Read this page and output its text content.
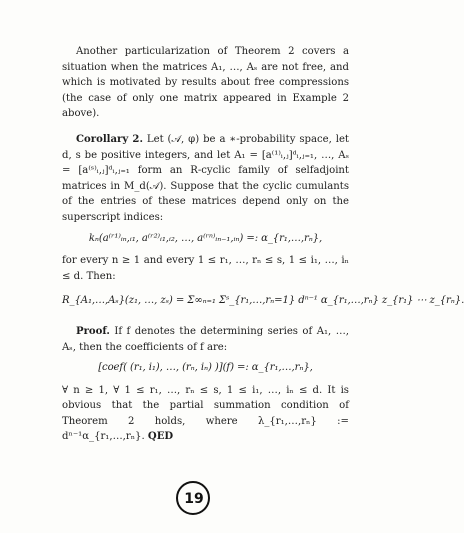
Another particularization of Theorem 2 covers a situation when the matrices A₁, …, Aₛ are not free, and which is motivated by results about free compressions (the case of only one matrix appeared in Example 2 above).

Corollary 2. Let (𝒜, φ) be a ∗-probability space, let d, s be positive integers, and let A₁ = [a⁽¹⁾ᵢ,ⱼ]ᵈᵢ,ⱼ₌₁, …, Aₛ = [a⁽ˢ⁾ᵢ,ⱼ]ᵈᵢ,ⱼ₌₁ form an R-cyclic family of selfadjoint matrices in M_d(𝒜). Suppose that the cyclic cumulants of the entries of these matrices depend only on the superscript indices:

kₙ(a⁽ʳ¹⁾ᵢₙ,ᵢ₁, a⁽ʳ²⁾ᵢ₁,ᵢ₂, …, a⁽ʳⁿ⁾ᵢₙ₋₁,ᵢₙ) =: α_{r₁,…,rₙ},

for every n ≥ 1 and every 1 ≤ r₁, …, rₙ ≤ s, 1 ≤ i₁, …, iₙ ≤ d. Then:

R_{A₁,…,Aₛ}(z₁, …, zₛ) = Σ∞ₙ₌₁ Σˢ_{r₁,…,rₙ=1} dⁿ⁻¹ α_{r₁,…,rₙ} z_{r₁} ⋯ z_{rₙ}.

Proof. If f denotes the determining series of A₁, …, Aₛ, then the coefficients of f are:

[coef( (r₁, i₁), …, (rₙ, iₙ) )](f) =: α_{r₁,…,rₙ},

∀ n ≥ 1, ∀ 1 ≤ r₁, …, rₙ ≤ s, 1 ≤ i₁, …, iₙ ≤ d. It is obvious that the partial summation condition of Theorem 2 holds, where λ_{r₁,…,rₙ} := dⁿ⁻¹α_{r₁,…,rₙ}. QED

19
